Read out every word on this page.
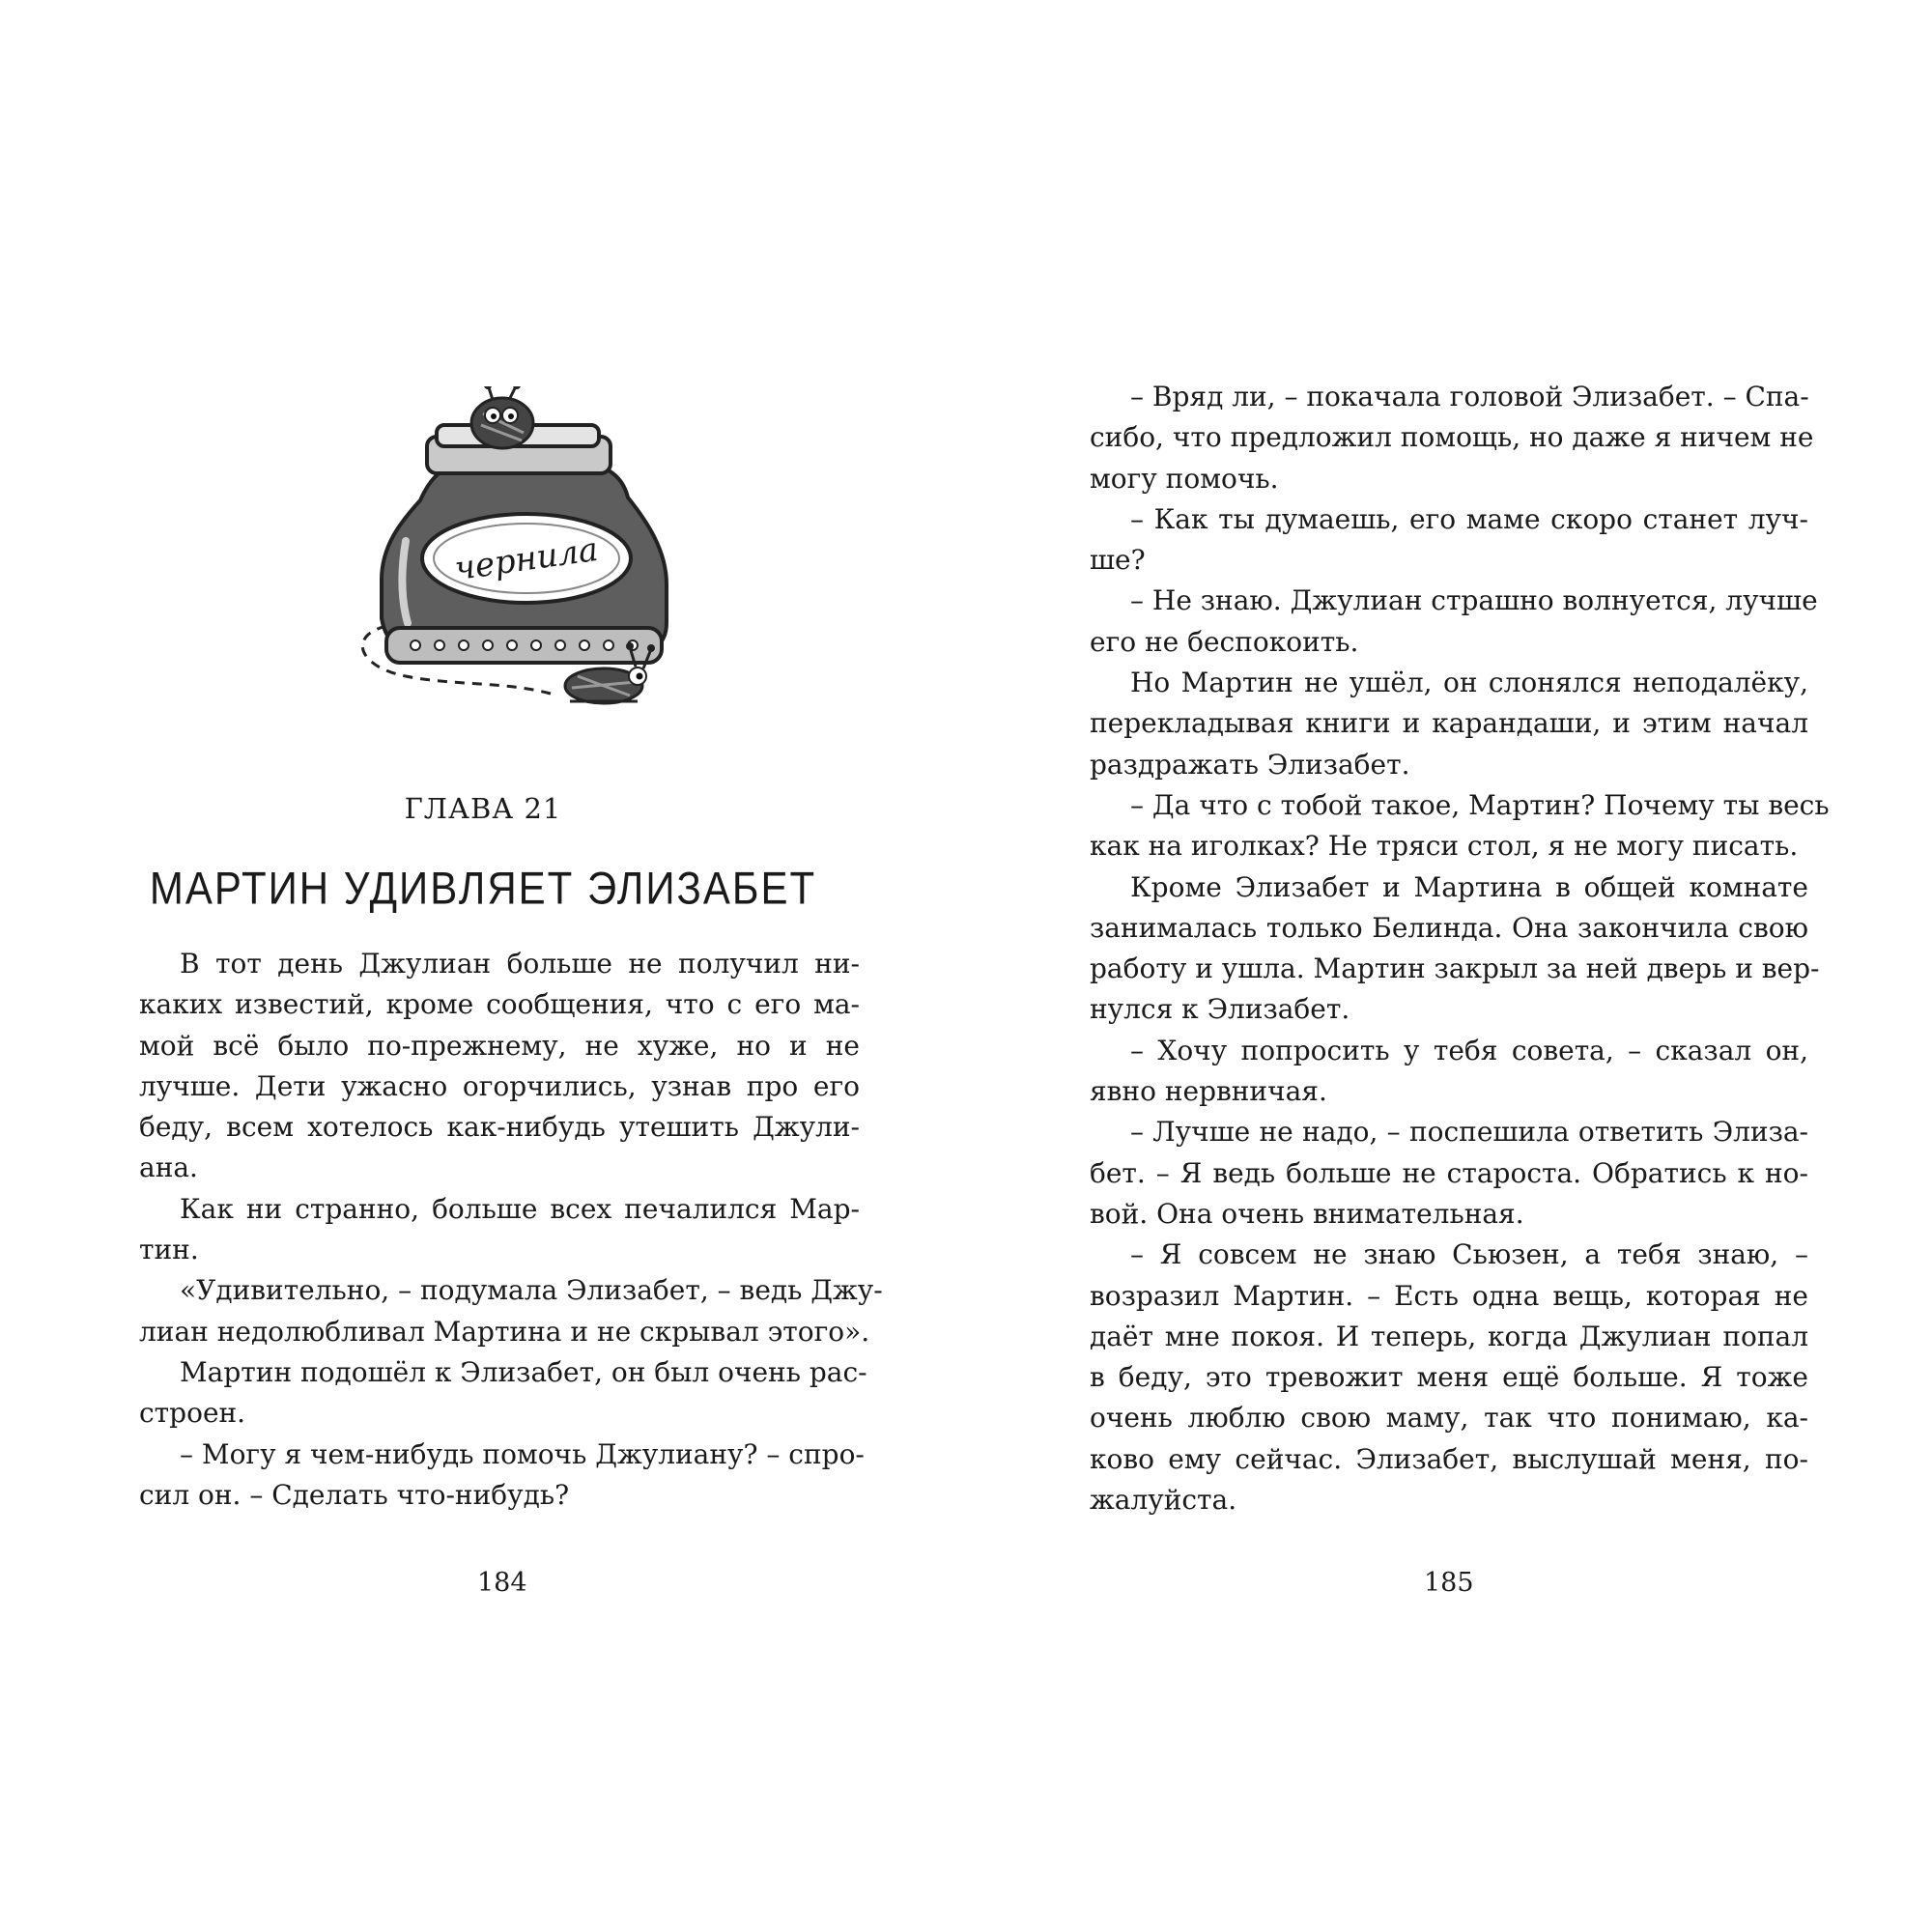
чернила
ГЛАВА 21
МАРТИН УДИВЛЯЕТ ЭЛИЗАБЕТ
В тот день Джулиан больше не получил ни-
каких известий, кроме сообщения, что с его ма-
мой всё было по-прежнему, не хуже, но и не
лучше. Дети ужасно огорчились, узнав про его
беду, всем хотелось как-нибудь утешить Джули-
ана.
Как ни странно, больше всех печалился Мар-
тин.
«Удивительно, – подумала Элизабет, – ведь Джу-
лиан недолюбливал Мартина и не скрывал этого».
Мартин подошёл к Элизабет, он был очень рас-
строен.
– Могу я чем-нибудь помочь Джулиану? – спро-
сил он. – Сделать что-нибудь?
184
– Вряд ли, – покачала головой Элизабет. – Спа-
сибо, что предложил помощь, но даже я ничем не
могу помочь.
– Как ты думаешь, его маме скоро станет луч-
ше?
– Не знаю. Джулиан страшно волнуется, лучше
его не беспокоить.
Но Мартин не ушёл, он слонялся неподалёку,
перекладывая книги и карандаши, и этим начал
раздражать Элизабет.
– Да что с тобой такое, Мартин? Почему ты весь
как на иголках? Не тряси стол, я не могу писать.
Кроме Элизабет и Мартина в общей комнате
занималась только Белинда. Она закончила свою
работу и ушла. Мартин закрыл за ней дверь и вер-
нулся к Элизабет.
– Хочу попросить у тебя совета, – сказал он,
явно нервничая.
– Лучше не надо, – поспешила ответить Элиза-
бет. – Я ведь больше не староста. Обратись к но-
вой. Она очень внимательная.
– Я совсем не знаю Сьюзен, а тебя знаю, –
возразил Мартин. – Есть одна вещь, которая не
даёт мне покоя. И теперь, когда Джулиан попал
в беду, это тревожит меня ещё больше. Я тоже
очень люблю свою маму, так что понимаю, ка-
ково ему сейчас. Элизабет, выслушай меня, по-
жалуйста.
185
